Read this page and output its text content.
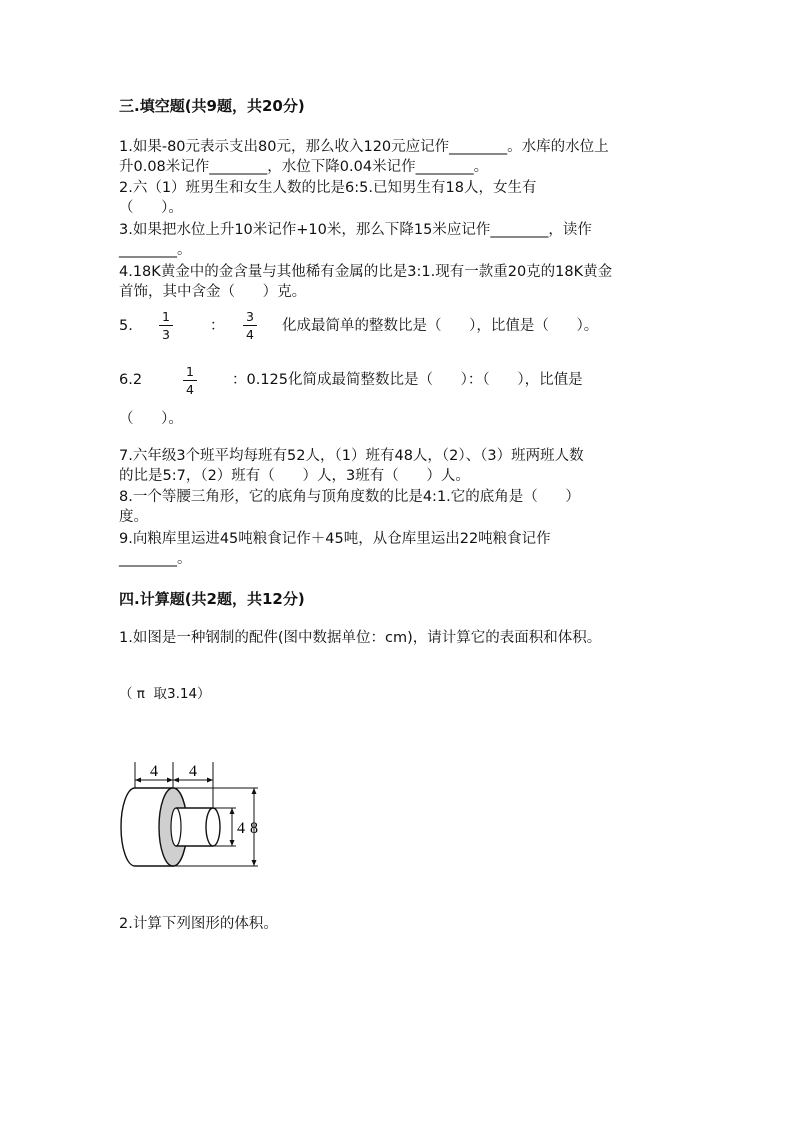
三.填空题(共9题，共20分)
1.如果-80元表示支出80元，那么收入120元应记作________。水库的水位上
升0.08米记作________，水位下降0.04米记作________。
2.六（1）班男生和女生人数的比是6:5.已知男生有18人，女生有
（      ）。
3.如果把水位上升10米记作+10米，那么下降15米应记作________，读作
________。
4.18K黄金中的金含量与其他稀有金属的比是3:1.现有一款重20克的18K黄金
首饰，其中含金（      ）克。
5.
1
3
：
3
4
化成最简单的整数比是（      ），比值是（      ）。
6.2
1
4
：0.125化简成最简整数比是（      ）：（      ），比值是
（      ）。
7.六年级3个班平均每班有52人，（1）班有48人，（2）、（3）班两班人数
的比是5:7，（2）班有（      ）人，3班有（      ）人。
8.一个等腰三角形，它的底角与顶角度数的比是4:1.它的底角是（      ）
度。
9.向粮库里运进45吨粮食记作＋45吨，从仓库里运出22吨粮食记作
________。
四.计算题(共2题，共12分)
1.如图是一种钢制的配件(图中数据单位：cm)，请计算它的表面积和体积。
（ π  取3.14）
4 4
4 8
2.计算下列图形的体积。
